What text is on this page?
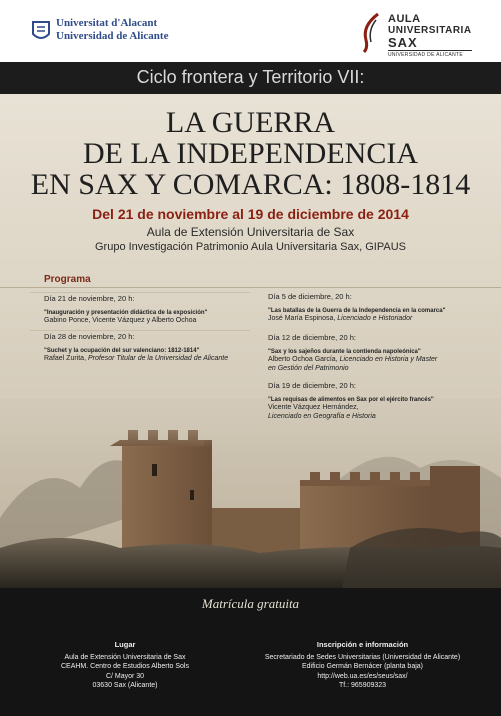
Universitat d'Alacant
Universidad de Alicante
AULA
UNIVERSITARIA
SAX
UNIVERSIDAD DE ALICANTE
Ciclo frontera y Territorio VII:
LA GUERRA
DE LA INDEPENDENCIA
EN SAX Y COMARCA: 1808-1814
Del 21 de noviembre al 19 de diciembre de 2014
Aula de Extensión Universitaria de Sax
Grupo Investigación Patrimonio Aula Universitaria Sax, GIPAUS
Programa
Día 21 de noviembre, 20 h:
"Inauguración y presentación didáctica de la exposición"
Gabino Ponce, Vicente Vázquez y Alberto Ochoa
Día 28 de noviembre, 20 h:
"Suchet y la ocupación del sur valenciano: 1812-1814"
Rafael Zurita, Profesor Titular de la Universidad de Alicante
Día 5 de diciembre, 20 h:
"Las batallas de la Guerra de la Independencia en la comarca"
José María Espinosa, Licenciado e Historiador
Día 12 de diciembre, 20 h:
"Sax y los sajeños durante la contienda napoleónica"
Alberto Ochoa García, Licenciado en Historia y Master
en Gestión del Patrimonio
Día 19 de diciembre, 20 h:
"Las requisas de alimentos en Sax por el ejército francés"
Vicente Vázquez Hernández,
Licenciado en Geografía e Historia
Matrícula gratuita
Lugar
Aula de Extensión Universitaria de Sax
CEAHM. Centro de Estudios Alberto Sols
C/ Mayor 30
03630 Sax (Alicante)
Inscripción e información
Secretariado de Sedes Universitarias (Universidad de Alicante)
Edificio Germán Bernácer (planta baja)
http://web.ua.es/es/seus/sax/
Tf.: 965909323
